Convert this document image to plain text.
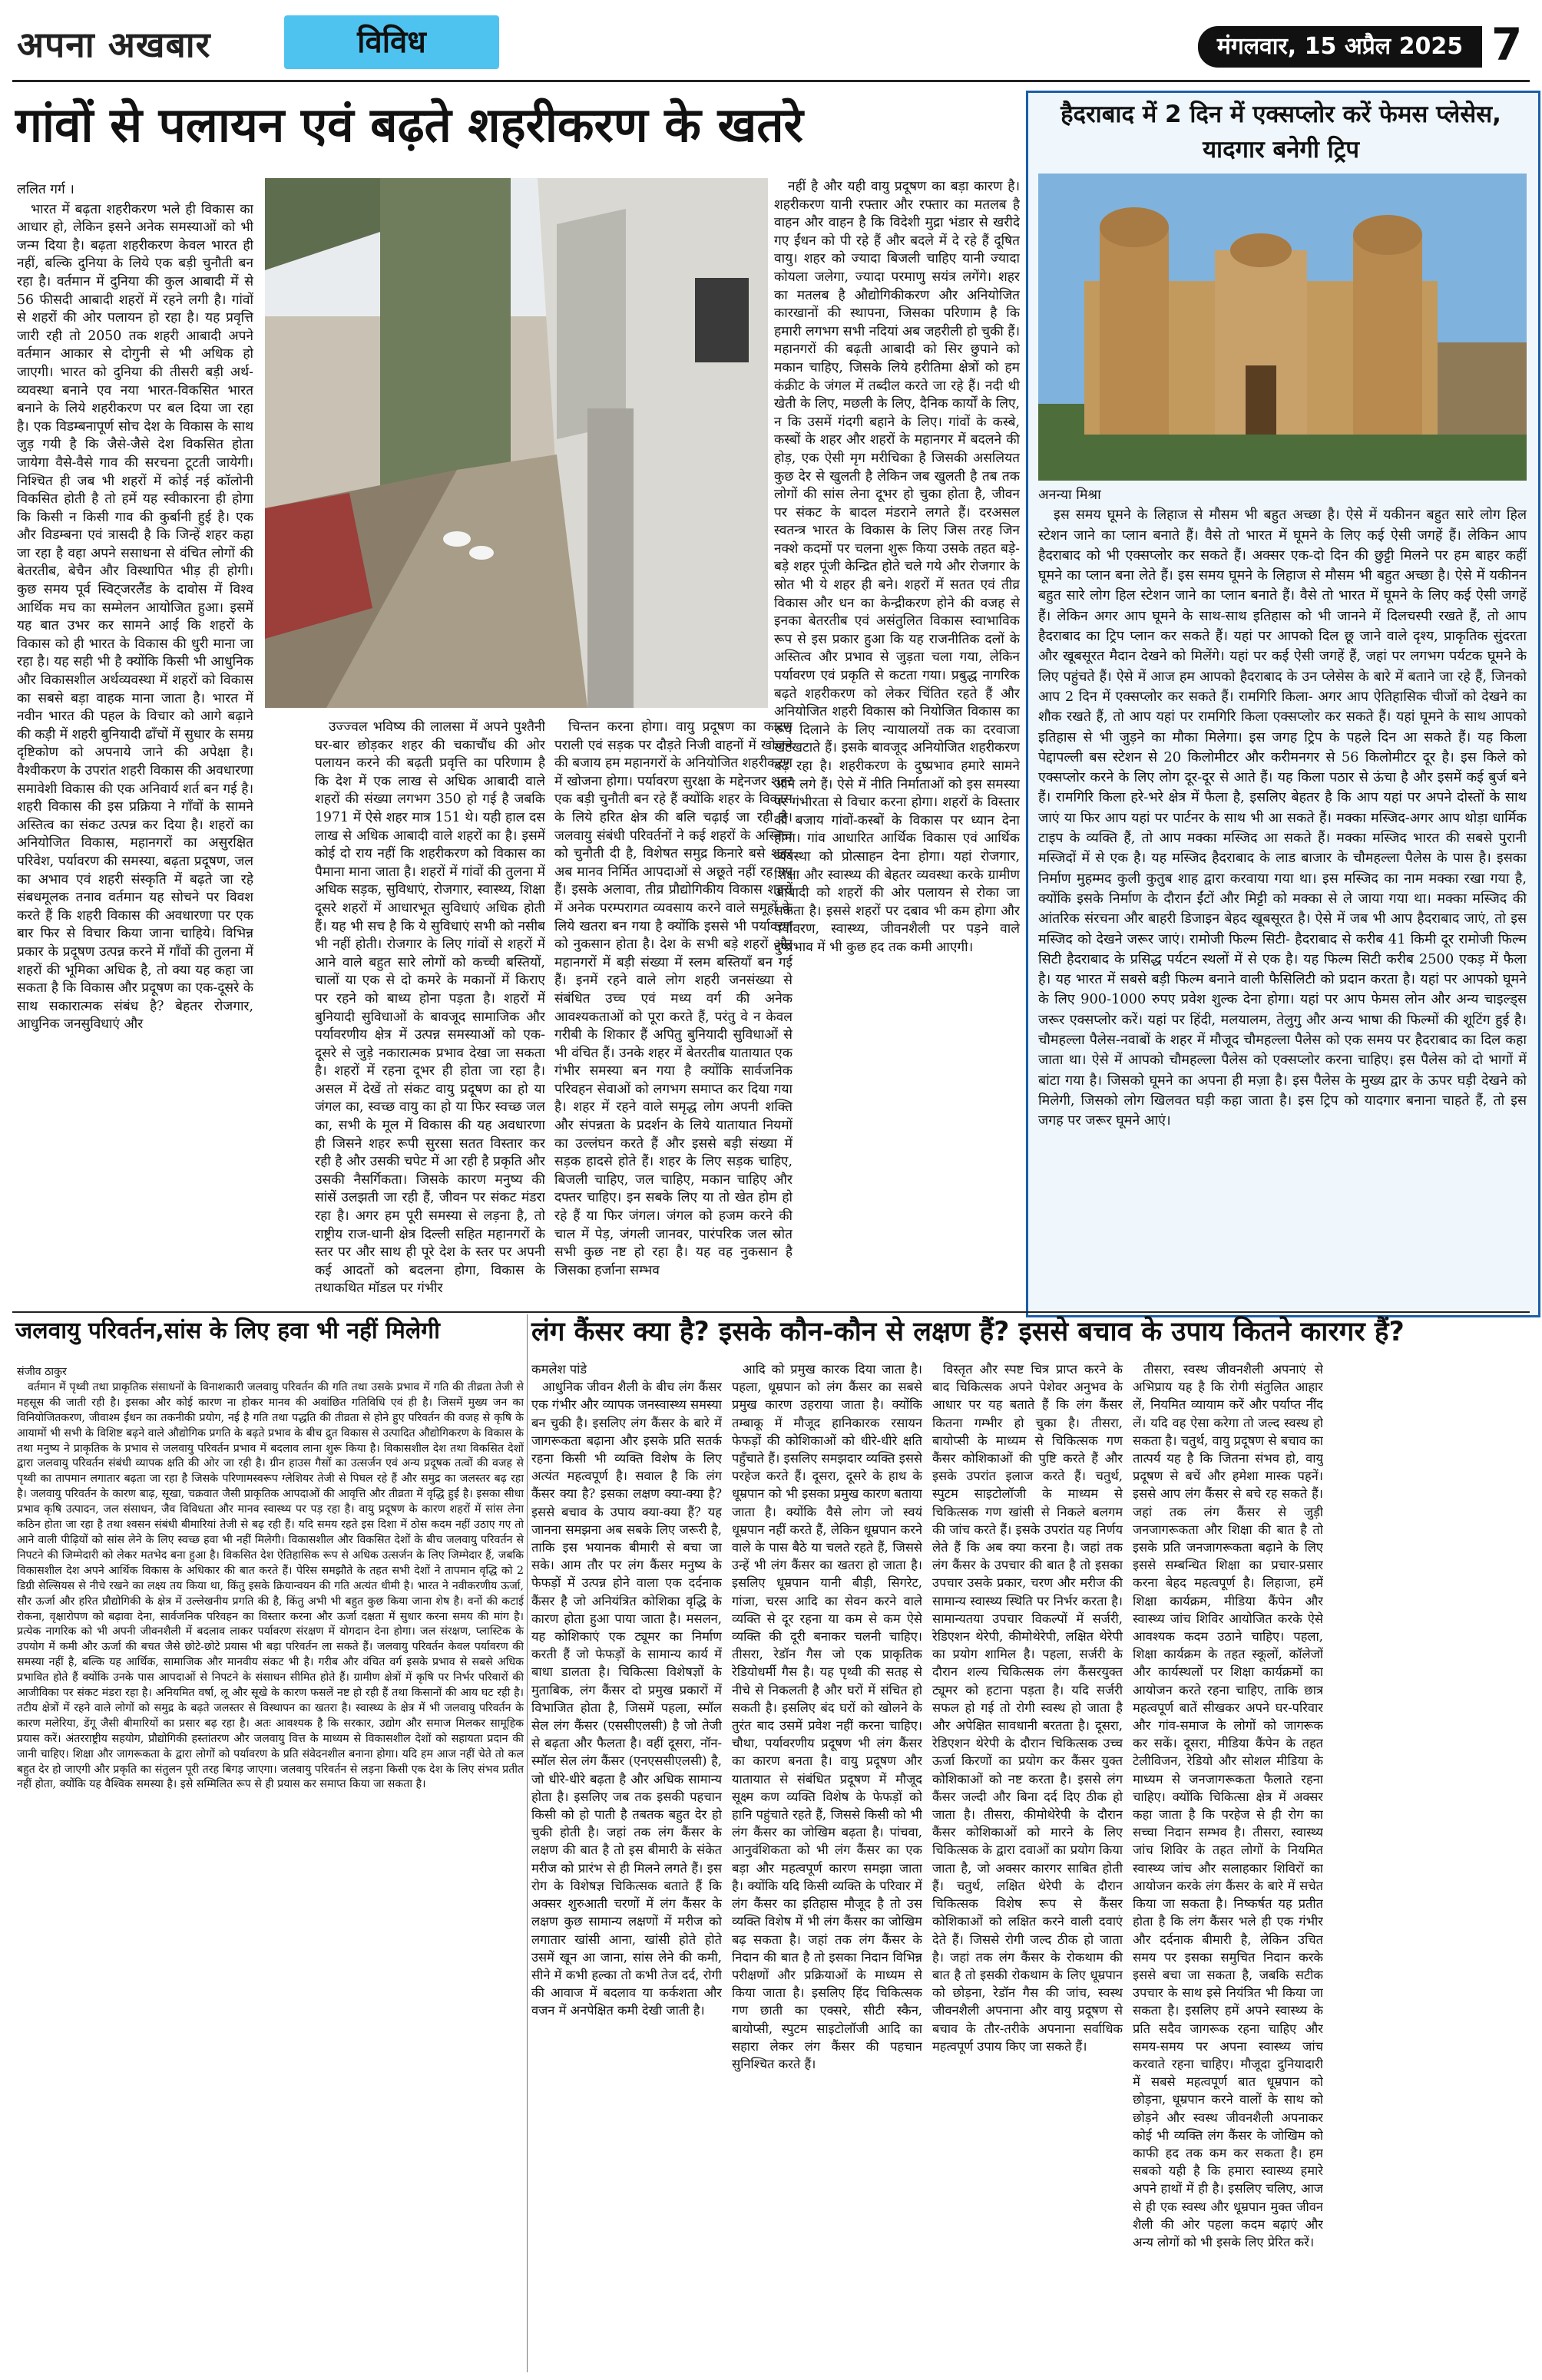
अपना अखबार	विविध	मंगलवार, 15 अप्रैल 2025 7
गांवों से पलायन एवं बढ़ते शहरीकरण के खतरे
ललित गर्ग ।

भारत में बढ़ता शहरीकरण भले ही विकास का आधार हो, लेकिन इसने अनेक समस्याओं को भी जन्म दिया है। बढ़ता शहरीकरण केवल भारत ही नहीं, बल्कि दुनिया के लिये एक बड़ी चुनौती बन रहा है। वर्तमान में दुनिया की कुल आबादी में से 56 फीसदी आबादी शहरों में रहने लगी है। गांवों से शहरों की ओर पलायन हो रहा है। यह प्रवृत्ति जारी रही तो 2050 तक शहरी आबादी अपने वर्तमान आकार से दोगुनी से भी अधिक हो जाएगी। भारत को दुनिया की तीसरी बड़ी अर्थ-व्यवस्था बनाने एव नया भारत-विकसित भारत बनाने के लिये शहरीकरण पर बल दिया जा रहा है। एक विडम्बनापूर्ण सोच देश के विकास के साथ जुड़ गयी है कि जैसे-जैसे देश विकसित होता जायेगा वैसे-वैसे गाव की सरचना टूटती जायेगी। निश्चित ही जब भी शहरों में कोई नई कॉलोनी विकसित होती है तो हमें यह स्वीकारना ही होगा कि किसी न किसी गाव की कुर्बानी हुई है। एक और विडम्बना एवं त्रासदी है कि जिन्हें शहर कहा जा रहा है वहा अपने ससाधना से वंचित लोगों की बेतरतीब, बेचैन और विस्थापित भीड़ ही होगी। कुछ समय पूर्व स्विट्जरलैंड के दावोस में विश्व आर्थिक मच का सम्मेलन आयोजित हुआ। इसमें यह बात उभर कर सामने आई कि शहरों के विकास को ही भारत के विकास की धुरी माना जा रहा है। यह सही भी है क्योंकि किसी भी आधुनिक और विकासशील अर्थव्यवस्था में शहरों को विकास का सबसे बड़ा वाहक माना जाता है। भारत में नवीन भारत की पहल के विचार को आगे बढ़ाने की कड़ी में शहरी बुनियादी ढाँचों में सुधार के समग्र दृष्टिकोण को अपनाये जाने की अपेक्षा है। वैश्वीकरण के उपरांत शहरी विकास की अवधारणा समावेशी विकास की एक अनिवार्य शर्त बन गई है। शहरी विकास की इस प्रक्रिया ने गाँवों के सामने अस्तित्व का संकट उत्पन्न कर दिया है। शहरों का अनियोजित विकास, महानगरों का असुरक्षित परिवेश, पर्यावरण की समस्या, बढ़ता प्रदूषण, जल का अभाव एवं शहरी संस्कृति में बढ़ते जा रहे संबधमूलक तनाव वर्तमान यह सोचने पर विवश करते हैं कि शहरी विकास की अवधारणा पर एक बार फिर से विचार किया जाना चाहिये। विभिन्न प्रकार के प्रदूषण उत्पन्न करने में गाँवों की तुलना में शहरों की भूमिका अधिक है, तो क्या यह कहा जा सकता है कि विकास और प्रदूषण का एक-दूसरे के साथ सकारात्मक संबंध है? बेहतर रोजगार, आधुनिक जनसुविधाएं और

उज्ज्वल भविष्य की लालसा में अपने पुश्तैनी घर-बार छोड़कर शहर की चकाचौंध की ओर पलायन करने की बढ़ती प्रवृत्ति का परिणाम है कि देश में एक लाख से अधिक आबादी वाले शहरों की संख्या लगभग 350 हो गई है जबकि 1971 में ऐसे शहर मात्र 151 थे। यही हाल दस लाख से अधिक आबादी वाले शहरों का है। इसमें कोई दो राय नहीं कि शहरीकरण को विकास का पैमाना माना जाता है। शहरों में गांवों की तुलना में अधिक सड़क, सुविधाएं, रोजगार, स्वास्थ्य, शिक्षा दूसरे शहरों में आधारभूत सुविधाएं अधिक होती हैं। यह भी सच है कि ये सुविधाएं सभी को नसीब भी नहीं होती। रोजगार के लिए गांवों से शहरों में आने वाले बहुत सारे लोगों को कच्ची बस्तियों, चालों या एक से दो कमरे के मकानों में किराए पर रहने को बाध्य होना पड़ता है। शहरों में बुनियादी सुविधाओं के बावजूद सामाजिक और पर्यावरणीय क्षेत्र में उत्पन्न समस्याओं को एक-दूसरे से जुड़े नकारात्मक प्रभाव देखा जा सकता है। शहरों में रहना दूभर ही होता जा रहा है। असल में देखें तो संकट वायु प्रदूषण का हो या जंगल का, स्वच्छ वायु का हो या फिर स्वच्छ जल का, सभी के मूल में विकास की यह अवधारणा ही जिसने शहर रूपी सुरसा सतत विस्तार कर रही है और उसकी चपेट में आ रही है प्रकृति और उसकी नैसर्गिकता। जिसके कारण मनुष्य की सांसें उलझती जा रही हैं, जीवन पर संकट मंडरा रहा है। अगर हम पूरी समस्या से लड़ना है, तो राष्ट्रीय राज-धानी क्षेत्र दिल्ली सहित महानगरों के स्तर पर और साथ ही पूरे देश के स्तर पर अपनी कई आदतों को बदलना होगा, विकास के तथाकथित मॉडल पर गंभीर

चिन्तन करना होगा। वायु प्रदूषण का कारण पराली एवं सड़क पर दौड़ते निजी वाहनों में खोजने की बजाय हम महानगरों के अनियोजित शहरीकरण में खोजना होगा। पर्यावरण सुरक्षा के मद्देनजर शहर एक बड़ी चुनौती बन रहे हैं क्योंकि शहर के विकास के लिये हरित क्षेत्र की बलि चढ़ाई जा रही है। जलवायु संबंधी परिवर्तनों ने कई शहरों के अस्तित्व को चुनौती दी है, विशेषत समुद्र किनारे बसे शहर अब मानव निर्मित आपदाओं से अछूते नहीं रह गए हैं। इसके अलावा, तीव्र प्रौद्योगिकीय विकास शहरों में अनेक परम्परागत व्यवसाय करने वाले समूहों के लिये खतरा बन गया है क्योंकि इससे भी पर्यावरण को नुकसान होता है। देश के सभी बड़े शहरों और महानगरों में बड़ी संख्या में स्लम बस्तियाँ बन गई हैं। इनमें रहने वाले लोग शहरी जनसंख्या से संबंधित उच्च एवं मध्य वर्ग की अनेक आवश्यकताओं को पूरा करते हैं, परंतु वे न केवल गरीबी के शिकार हैं अपितु बुनियादी सुविधाओं से भी वंचित हैं। उनके शहर में बेतरतीब यातायात एक गंभीर समस्या बन गया है क्योंकि सार्वजनिक परिवहन सेवाओं को लगभग समाप्त कर दिया गया है। शहर में रहने वाले समृद्ध लोग अपनी शक्ति और संपन्नता के प्रदर्शन के लिये यातायात नियमों का उल्लंघन करते हैं और इससे बड़ी संख्या में सड़क हादसे होते हैं। शहर के लिए सड़क चाहिए, बिजली चाहिए, जल चाहिए, मकान चाहिए और दफ्तर चाहिए। इन सबके लिए या तो खेत होम हो रहे हैं या फिर जंगल। जंगल को हजम करने की चाल में पेड़, जंगली जानवर, पारंपरिक जल स्रोत सभी कुछ नष्ट हो रहा है। यह वह नुकसान है जिसका हर्जाना सम्भव

नहीं है और यही वायु प्रदूषण का बड़ा कारण है। शहरीकरण यानी रफ्तार और रफ्तार का मतलब है वाहन और वाहन है कि विदेशी मुद्रा भंडार से खरीदे गए ईंधन को पी रहे हैं और बदले में दे रहे हैं दूषित वायु। शहर को ज्यादा बिजली चाहिए यानी ज्यादा कोयला जलेगा, ज्यादा परमाणु सयंत्र लगेंगे। शहर का मतलब है औद्योगिकीकरण और अनियोजित कारखानों की स्थापना, जिसका परिणाम है कि हमारी लगभग सभी नदियां अब जहरीली हो चुकी हैं। महानगरों की बढ़ती आबादी को सिर छुपाने को मकान चाहिए, जिसके लिये हरीतिमा क्षेत्रों को हम कंक्रीट के जंगल में तब्दील करते जा रहे हैं। नदी थी खेती के लिए, मछली के लिए, दैनिक कार्यों के लिए, न कि उसमें गंदगी बहाने के लिए। गांवों के कस्बे, कस्बों के शहर और शहरों के महानगर में बदलने की होड़, एक ऐसी मृग मरीचिका है जिसकी असलियत कुछ देर से खुलती है लेकिन जब खुलती है तब तक लोगों की सांस लेना दूभर हो चुका होता है, जीवन पर संकट के बादल मंडराने लगते हैं। दरअसल स्वतन्त्र भारत के विकास के लिए जिस तरह जिन नक्शे कदमों पर चलना शुरू किया उसके तहत बड़े-बड़े शहर पूंजी केन्द्रित होते चले गये और रोजगार के स्रोत भी ये शहर ही बने। शहरों में सतत एवं तीव्र विकास और धन का केन्द्रीकरण होने की वजह से इनका बेतरतीब एवं असंतुलित विकास स्वाभाविक रूप से इस प्रकार हुआ कि यह राजनीतिक दलों के अस्तित्व और प्रभाव से जुड़ता चला गया, लेकिन पर्यावरण एवं प्रकृति से कटता गया। प्रबुद्ध नागरिक बढ़ते शहरीकरण को लेकर चिंतित रहते हैं और अनियोजित शहरी विकास को नियोजित विकास का रूप दिलाने के लिए न्यायालयों तक का दरवाजा खटखटाते हैं। इसके बावजूद अनियोजित शहरीकरण बढ़ रहा है। शहरीकरण के दुष्प्रभाव हमारे सामने आने लगे हैं। ऐसे में नीति निर्माताओं को इस समस्या पर गंभीरता से विचार करना होगा। शहरों के विस्तार की बजाय गांवों-कस्बों के विकास पर ध्यान देना होगा। गांव आधारित आर्थिक विकास एवं आर्थिक व्यवस्था को प्रोत्साहन देना होगा। यहां रोजगार, शिक्षा और स्वास्थ्य की बेहतर व्यवस्था करके ग्रामीण आबादी को शहरों की ओर पलायन से रोका जा सकता है। इससे शहरों पर दबाव भी कम होगा और पर्यावरण, स्वास्थ्य, जीवनशैली पर पड़ने वाले दुष्प्रभाव में भी कुछ हद तक कमी आएगी।

हैदराबाद में 2 दिन में एक्सप्लोर करें फेमस प्लेसेस, यादगार बनेगी ट्रिप
अनन्या मिश्रा

इस समय घूमने के लिहाज से मौसम भी बहुत अच्छा है। ऐसे में यकीनन बहुत सारे लोग हिल स्टेशन जाने का प्लान बनाते हैं। वैसे तो भारत में घूमने के लिए कई ऐसी जगहें हैं। लेकिन आप हैदराबाद को भी एक्सप्लोर कर सकते हैं। अक्सर एक-दो दिन की छुट्टी मिलने पर हम बाहर कहीं घूमने का प्लान बना लेते हैं। इस समय घूमने के लिहाज से मौसम भी बहुत अच्छा है। ऐसे में यकीनन बहुत सारे लोग हिल स्टेशन जाने का प्लान बनाते हैं। वैसे तो भारत में घूमने के लिए कई ऐसी जगहें हैं। लेकिन अगर आप घूमने के साथ-साथ इतिहास को भी जानने में दिलचस्पी रखते हैं, तो आप हैदराबाद का ट्रिप प्लान कर सकते हैं। यहां पर आपको दिल छू जाने वाले दृश्य, प्राकृतिक सुंदरता और खूबसूरत मैदान देखने को मिलेंगे। यहां पर कई ऐसी जगहें हैं, जहां पर लगभग पर्यटक घूमने के लिए पहुंचते हैं। ऐसे में आज हम आपको हैदराबाद के उन प्लेसेस के बारे में बताने जा रहे हैं, जिनको आप 2 दिन में एक्सप्लोर कर सकते हैं। रामगिरि किला- अगर आप ऐतिहासिक चीजों को देखने का शौक रखते हैं, तो आप यहां पर रामगिरि किला एक्सप्लोर कर सकते हैं। यहां घूमने के साथ आपको इतिहास से भी जुड़ने का मौका मिलेगा। इस जगह ट्रिप के पहले दिन आ सकते हैं। यह किला पेद्दापल्ली बस स्टेशन से 20 किलोमीटर और करीमनगर से 56 किलोमीटर दूर है। इस किले को एक्सप्लोर करने के लिए लोग दूर-दूर से आते हैं। यह किला पठार से ऊंचा है और इसमें कई बुर्ज बने हैं। रामगिरि किला हरे-भरे क्षेत्र में फैला है, इसलिए बेहतर है कि आप यहां पर अपने दोस्तों के साथ जाएं या फिर आप यहां पर पार्टनर के साथ भी आ सकते हैं। मक्का मस्जिद-अगर आप थोड़ा धार्मिक टाइप के व्यक्ति हैं, तो आप मक्का मस्जिद आ सकते हैं। मक्का मस्जिद भारत की सबसे पुरानी मस्जिदों में से एक है। यह मस्जिद हैदराबाद के लाड बाजार के चौमहल्ला पैलेस के पास है। इसका निर्माण मुहम्मद कुली कुतुब शाह द्वारा करवाया गया था। इस मस्जिद का नाम मक्का रखा गया है, क्योंकि इसके निर्माण के दौरान ईंटों और मिट्टी को मक्का से ले जाया गया था। मक्का मस्जिद की आंतरिक संरचना और बाहरी डिजाइन बेहद खूबसूरत है। ऐसे में जब भी आप हैदराबाद जाएं, तो इस मस्जिद को देखने जरूर जाएं। रामोजी फिल्म सिटी- हैदराबाद से करीब 41 किमी दूर रामोजी फिल्म सिटी हैदराबाद के प्रसिद्ध पर्यटन स्थलों में से एक है। यह फिल्म सिटी करीब 2500 एकड़ में फैला है। यह भारत में सबसे बड़ी फिल्म बनाने वाली फैसिलिटी को प्रदान करता है। यहां पर आपको घूमने के लिए 900-1000 रुपए प्रवेश शुल्क देना होगा। यहां पर आप फेमस लोन और अन्य चाइल्ड्स जरूर एक्सप्लोर करें। यहां पर हिंदी, मलयालम, तेलुगु और अन्य भाषा की फिल्मों की शूटिंग हुई है। चौमहल्ला पैलेस-नवाबों के शहर में मौजूद चौमहल्ला पैलेस को एक समय पर हैदराबाद का दिल कहा जाता था। ऐसे में आपको चौमहल्ला पैलेस को एक्सप्लोर करना चाहिए। इस पैलेस को दो भागों में बांटा गया है। जिसको घूमने का अपना ही मज़ा है। इस पैलेस के मुख्य द्वार के ऊपर घड़ी देखने को मिलेगी, जिसको लोग खिलवत घड़ी कहा जाता है। इस ट्रिप को यादगार बनाना चाहते हैं, तो इस जगह पर जरूर घूमने आएं।

जलवायु परिवर्तन,सांस के लिए हवा भी नहीं मिलेगी
संजीव ठाकुर

वर्तमान में पृथ्वी तथा प्राकृतिक संसाधनों के विनाशकारी जलवायु परिवर्तन की गति तथा उसके प्रभाव में गति की तीव्रता तेजी से महसूस की जाती रही है। इसका और कोई कारण ना होकर मानव की अवांछित गतिविधि एवं ही है। जिसमें मुख्य जन का विनियोजितकरण, जीवाश्म ईंधन का तकनीकी प्रयोग, नई है गति तथा पद्धति की तीव्रता से होने हुए परिवर्तन की वजह से कृषि के आयामों भी सभी के विशिष्ट बढ़ने वाले औद्योगिक प्रगति के बढ़ते प्रभाव के बीच द्रुत विकास से उत्पादित औद्योगिकरण के विकास के तथा मनुष्य ने प्राकृतिक के प्रभाव से जलवायु परिवर्तन प्रभाव में बदलाव लाना शुरू किया है। विकासशील देश तथा विकसित देशों द्वारा जलवायु परिवर्तन संबंधी व्यापक क्षति की ओर जा रही है। ग्रीन हाउस गैसों का उत्सर्जन एवं अन्य प्रदूषक तत्वों की वजह से पृथ्वी का तापमान लगातार बढ़ता जा रहा है जिसके परिणामस्वरूप ग्लेशियर तेजी से पिघल रहे हैं और समुद्र का जलस्तर बढ़ रहा है। जलवायु परिवर्तन के कारण बाढ़, सूखा, चक्रवात जैसी प्राकृतिक आपदाओं की आवृत्ति और तीव्रता में वृद्धि हुई है। इसका सीधा प्रभाव कृषि उत्पादन, जल संसाधन, जैव विविधता और मानव स्वास्थ्य पर पड़ रहा है। वायु प्रदूषण के कारण शहरों में सांस लेना कठिन होता जा रहा है तथा श्वसन संबंधी बीमारियां तेजी से बढ़ रही हैं। यदि समय रहते इस दिशा में ठोस कदम नहीं उठाए गए तो आने वाली पीढ़ियों को सांस लेने के लिए स्वच्छ हवा भी नहीं मिलेगी। विकासशील और विकसित देशों के बीच जलवायु परिवर्तन से निपटने की जिम्मेदारी को लेकर मतभेद बना हुआ है। विकसित देश ऐतिहासिक रूप से अधिक उत्सर्जन के लिए जिम्मेदार हैं, जबकि विकासशील देश अपने आर्थिक विकास के अधिकार की बात करते हैं। पेरिस समझौते के तहत सभी देशों ने तापमान वृद्धि को 2 डिग्री सेल्सियस से नीचे रखने का लक्ष्य तय किया था, किंतु इसके क्रियान्वयन की गति अत्यंत धीमी है। भारत ने नवीकरणीय ऊर्जा, सौर ऊर्जा और हरित प्रौद्योगिकी के क्षेत्र में उल्लेखनीय प्रगति की है, किंतु अभी भी बहुत कुछ किया जाना शेष है। वनों की कटाई रोकना, वृक्षारोपण को बढ़ावा देना, सार्वजनिक परिवहन का विस्तार करना और ऊर्जा दक्षता में सुधार करना समय की मांग है। प्रत्येक नागरिक को भी अपनी जीवनशैली में बदलाव लाकर पर्यावरण संरक्षण में योगदान देना होगा। जल संरक्षण, प्लास्टिक के उपयोग में कमी और ऊर्जा की बचत जैसे छोटे-छोटे प्रयास भी बड़ा परिवर्तन ला सकते हैं। जलवायु परिवर्तन केवल पर्यावरण की समस्या नहीं है, बल्कि यह आर्थिक, सामाजिक और मानवीय संकट भी है। गरीब और वंचित वर्ग इसके प्रभाव से सबसे अधिक प्रभावित होते हैं क्योंकि उनके पास आपदाओं से निपटने के संसाधन सीमित होते हैं। ग्रामीण क्षेत्रों में कृषि पर निर्भर परिवारों की आजीविका पर संकट मंडरा रहा है। अनियमित वर्षा, लू और सूखे के कारण फसलें नष्ट हो रही हैं तथा किसानों की आय घट रही है। तटीय क्षेत्रों में रहने वाले लोगों को समुद्र के बढ़ते जलस्तर से विस्थापन का खतरा है। स्वास्थ्य के क्षेत्र में भी जलवायु परिवर्तन के कारण मलेरिया, डेंगू जैसी बीमारियों का प्रसार बढ़ रहा है। अतः आवश्यक है कि सरकार, उद्योग और समाज मिलकर सामूहिक प्रयास करें। अंतरराष्ट्रीय सहयोग, प्रौद्योगिकी हस्तांतरण और जलवायु वित्त के माध्यम से विकासशील देशों को सहायता प्रदान की जानी चाहिए। शिक्षा और जागरूकता के द्वारा लोगों को पर्यावरण के प्रति संवेदनशील बनाना होगा। यदि हम आज नहीं चेते तो कल बहुत देर हो जाएगी और प्रकृति का संतुलन पूरी तरह बिगड़ जाएगा। जलवायु परिवर्तन से लड़ना किसी एक देश के लिए संभव प्रतीत नहीं होता, क्योंकि यह वैश्विक समस्या है। इसे सम्मिलित रूप से ही प्रयास कर समाप्त किया जा सकता है।

लंग कैंसर क्या है? इसके कौन-कौन से लक्षण हैं? इससे बचाव के उपाय कितने कारगर हैं?
कमलेश पांडे

आधुनिक जीवन शैली के बीच लंग कैंसर एक गंभीर और व्यापक जनस्वास्थ्य समस्या बन चुकी है। इसलिए लंग कैंसर के बारे में जागरूकता बढ़ाना और इसके प्रति सतर्क रहना किसी भी व्यक्ति विशेष के लिए अत्यंत महत्वपूर्ण है। सवाल है कि लंग कैंसर क्या है? इसका लक्षण क्या-क्या है? इससे बचाव के उपाय क्या-क्या हैं? यह जानना समझना अब सबके लिए जरूरी है, ताकि इस भयानक बीमारी से बचा जा सके। आम तौर पर लंग कैंसर मनुष्य के फेफड़ों में उत्पन्न होने वाला एक दर्दनाक कैंसर है जो अनियंत्रित कोशिका वृद्धि के कारण होता हुआ पाया जाता है। मसलन, यह कोशिकाएं एक ट्यूमर का निर्माण करती हैं जो फेफड़ों के सामान्य कार्य में बाधा डालता है। चिकित्सा विशेषज्ञों के मुताबिक, लंग कैंसर दो प्रमुख प्रकारों में विभाजित होता है, जिसमें पहला, स्मॉल सेल लंग कैंसर (एससीएलसी) है जो तेजी से बढ़ता और फैलता है। वहीं दूसरा, नॉन-स्मॉल सेल लंग कैंसर (एनएससीएलसी) है, जो धीरे-धीरे बढ़ता है और अधिक सामान्य होता है। इसलिए जब तक इसकी पहचान किसी को हो पाती है तबतक बहुत देर हो चुकी होती है। जहां तक लंग कैंसर के लक्षण की बात है तो इस बीमारी के संकेत मरीज को प्रारंभ से ही मिलने लगते हैं। इस रोग के विशेषज्ञ चिकित्सक बताते हैं कि अक्सर शुरुआती चरणों में लंग कैंसर के लक्षण कुछ सामान्य लक्षणों में मरीज को लगातार खांसी आना, खांसी होते होते उसमें खून आ जाना, सांस लेने की कमी, सीने में कभी हल्का तो कभी तेज दर्द, रोगी की आवाज में बदलाव या कर्कशता और वजन में अनपेक्षित कमी देखी जाती है।

आदि को प्रमुख कारक दिया जाता है। पहला, धूम्रपान को लंग कैंसर का सबसे प्रमुख कारण उहराया जाता है। क्योंकि तम्बाकू में मौजूद हानिकारक रसायन फेफड़ों की कोशिकाओं को धीरे-धीरे क्षति पहुँचाते हैं। इसलिए समझदार व्यक्ति इससे परहेज करते हैं। दूसरा, दूसरे के हाथ के धूम्रपान को भी इसका प्रमुख कारण बताया जाता है। क्योंकि वैसे लोग जो स्वयं धूम्रपान नहीं करते हैं, लेकिन धूम्रपान करने वाले के पास बैठे या चलते रहते हैं, जिससे उन्हें भी लंग कैंसर का खतरा हो जाता है। इसलिए धूम्रपान यानी बीड़ी, सिगरेट, गांजा, चरस आदि का सेवन करने वाले व्यक्ति से दूर रहना या कम से कम ऐसे व्यक्ति की दूरी बनाकर चलनी चाहिए। तीसरा, रेडॉन गैस जो एक प्राकृतिक रेडियोधर्मी गैस है। यह पृथ्वी की सतह से नीचे से निकलती है और घरों में संचित हो सकती है। इसलिए बंद घरों को खोलने के तुरंत बाद उसमें प्रवेश नहीं करना चाहिए। चौथा, पर्यावरणीय प्रदूषण भी लंग कैंसर का कारण बनता है। वायु प्रदूषण और यातायात से संबंधित प्रदूषण में मौजूद सूक्ष्म कण व्यक्ति विशेष के फेफड़ों को हानि पहुंचाते रहते हैं, जिससे किसी को भी लंग कैंसर का जोखिम बढ़ता है। पांचवा, आनुवंशिकता को भी लंग कैंसर का एक बड़ा और महत्वपूर्ण कारण समझा जाता है। क्योंकि यदि किसी व्यक्ति के परिवार में लंग कैंसर का इतिहास मौजूद है तो उस व्यक्ति विशेष में भी लंग कैंसर का जोखिम बढ़ सकता है। जहां तक लंग कैंसर के निदान की बात है तो इसका निदान विभिन्न परीक्षणों और प्रक्रियाओं के माध्यम से किया जाता है। इसलिए हिंद चिकित्सक गण छाती का एक्सरे, सीटी स्कैन, बायोप्सी, स्पुटम साइटोलॉजी आदि का सहारा लेकर लंग कैंसर की पहचान सुनिश्चित करते हैं।

विस्तृत और स्पष्ट चित्र प्राप्त करने के बाद चिकित्सक अपने पेशेवर अनुभव के आधार पर यह बताते हैं कि लंग कैंसर कितना गम्भीर हो चुका है। तीसरा, बायोप्सी के माध्यम से चिकित्सक गण कैंसर कोशिकाओं की पुष्टि करते हैं और इसके उपरांत इलाज करते हैं। चतुर्थ, स्पुटम साइटोलॉजी के माध्यम से चिकित्सक गण खांसी से निकले बलगम की जांच करते हैं। इसके उपरांत यह निर्णय लेते हैं कि अब क्या करना है। जहां तक लंग कैंसर के उपचार की बात है तो इसका उपचार उसके प्रकार, चरण और मरीज की सामान्य स्वास्थ्य स्थिति पर निर्भर करता है। सामान्यतया उपचार विकल्पों में सर्जरी, रेडिएशन थेरेपी, कीमोथेरेपी, लक्षित थेरेपी का प्रयोग शामिल है। पहला, सर्जरी के दौरान शल्य चिकित्सक लंग कैंसरयुक्त ट्यूमर को हटाना पड़ता है। यदि सर्जरी सफल हो गई तो रोगी स्वस्थ हो जाता है और अपेक्षित सावधानी बरतता है। दूसरा, रेडिएशन थेरेपी के दौरान चिकित्सक उच्च ऊर्जा किरणों का प्रयोग कर कैंसर युक्त कोशिकाओं को नष्ट करता है। इससे लंग कैंसर जल्दी और बिना दर्द दिए ठीक हो जाता है। तीसरा, कीमोथेरेपी के दौरान कैंसर कोशिकाओं को मारने के लिए चिकित्सक के द्वारा दवाओं का प्रयोग किया जाता है, जो अक्सर कारगर साबित होती हैं। चतुर्थ, लक्षित थेरेपी के दौरान चिकित्सक विशेष रूप से कैंसर कोशिकाओं को लक्षित करने वाली दवाएं देते हैं। जिससे रोगी जल्द ठीक हो जाता है। जहां तक लंग कैंसर के रोकथाम की बात है तो इसकी रोकथाम के लिए धूम्रपान को छोड़ना, रेडॉन गैस की जांच, स्वस्थ जीवनशैली अपनाना और वायु प्रदूषण से बचाव के तौर-तरीके अपनाना सर्वाधिक महत्वपूर्ण उपाय किए जा सकते हैं।

तीसरा, स्वस्थ जीवनशैली अपनाएं से अभिप्राय यह है कि रोगी संतुलित आहार लें, नियमित व्यायाम करें और पर्याप्त नींद लें। यदि वह ऐसा करेगा तो जल्द स्वस्थ हो सकता है। चतुर्थ, वायु प्रदूषण से बचाव का तात्पर्य यह है कि जितना संभव हो, वायु प्रदूषण से बचें और हमेशा मास्क पहनें। इससे आप लंग कैंसर से बचे रह सकते हैं। जहां तक लंग कैंसर से जुड़ी जनजागरूकता और शिक्षा की बात है तो इसके प्रति जनजागरूकता बढ़ाने के लिए इससे सम्बन्धित शिक्षा का प्रचार-प्रसार करना बेहद महत्वपूर्ण है। लिहाजा, हमें शिक्षा कार्यक्रम, मीडिया कैंपेन और स्वास्थ्य जांच शिविर आयोजित करके ऐसे आवश्यक कदम उठाने चाहिए। पहला, शिक्षा कार्यक्रम के तहत स्कूलों, कॉलेजों और कार्यस्थलों पर शिक्षा कार्यक्रमों का आयोजन करते रहना चाहिए, ताकि छात्र महत्वपूर्ण बातें सीखकर अपने घर-परिवार और गांव-समाज के लोगों को जागरूक कर सकें। दूसरा, मीडिया कैंपेन के तहत टेलीविजन, रेडियो और सोशल मीडिया के माध्यम से जनजागरूकता फैलाते रहना चाहिए। क्योंकि चिकित्सा क्षेत्र में अक्सर कहा जाता है कि परहेज से ही रोग का सच्चा निदान सम्भव है। तीसरा, स्वास्थ्य जांच शिविर के तहत लोगों के नियमित स्वास्थ्य जांच और सलाहकार शिविरों का आयोजन करके लंग कैंसर के बारे में सचेत किया जा सकता है। निष्कर्षत यह प्रतीत होता है कि लंग कैंसर भले ही एक गंभीर और दर्दनाक बीमारी है, लेकिन उचित समय पर इसका समुचित निदान करके इससे बचा जा सकता है, जबकि सटीक उपचार के साथ इसे नियंत्रित भी किया जा सकता है। इसलिए हमें अपने स्वास्थ्य के प्रति सदैव जागरूक रहना चाहिए और समय-समय पर अपना स्वास्थ्य जांच करवाते रहना चाहिए। मौजूदा दुनियादारी में सबसे महत्वपूर्ण बात धूम्रपान को छोड़ना, धूम्रपान करने वालों के साथ को छोड़ने और स्वस्थ जीवनशैली अपनाकर कोई भी व्यक्ति लंग कैंसर के जोखिम को काफी हद तक कम कर सकता है। हम सबको यही है कि हमारा स्वास्थ्य हमारे अपने हाथों में ही है। इसलिए चलिए, आज से ही एक स्वस्थ और धूम्रपान मुक्त जीवन शैली की ओर पहला कदम बढ़ाएं और अन्य लोगों को भी इसके लिए प्रेरित करें।
